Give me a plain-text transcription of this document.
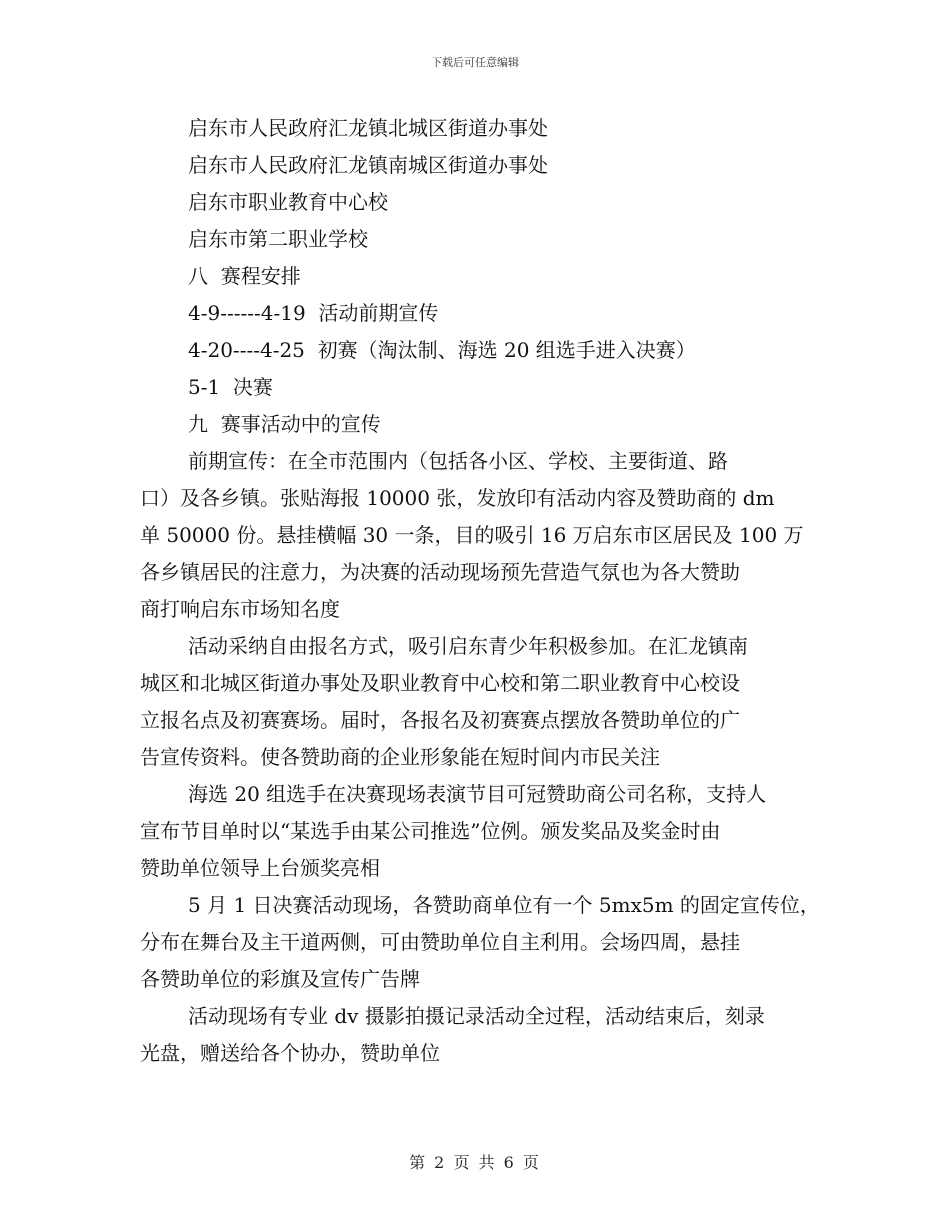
下载后可任意编辑
启东市人民政府汇龙镇北城区街道办事处
启东市人民政府汇龙镇南城区街道办事处
启东市职业教育中心校
启东市第二职业学校
八  赛程安排
4-9------4-19  活动前期宣传
4-20----4-25  初赛（淘汰制、海选 20 组选手进入决赛）
5-1  决赛
九  赛事活动中的宣传
前期宣传：在全市范围内（包括各小区、学校、主要街道、路
口）及各乡镇。张贴海报 10000 张，发放印有活动内容及赞助商的 dm
单 50000 份。悬挂横幅 30 一条，目的吸引 16 万启东市区居民及 100 万
各乡镇居民的注意力，为决赛的活动现场预先营造气氛也为各大赞助
商打响启东市场知名度
活动采纳自由报名方式，吸引启东青少年积极参加。在汇龙镇南
城区和北城区街道办事处及职业教育中心校和第二职业教育中心校设
立报名点及初赛赛场。届时，各报名及初赛赛点摆放各赞助单位的广
告宣传资料。使各赞助商的企业形象能在短时间内市民关注
海选 20 组选手在决赛现场表演节目可冠赞助商公司名称，支持人
宣布节目单时以“某选手由某公司推选”位例。颁发奖品及奖金时由
赞助单位领导上台颁奖亮相
5 月 1 日决赛活动现场，各赞助商单位有一个 5mx5m 的固定宣传位，
分布在舞台及主干道两侧，可由赞助单位自主利用。会场四周，悬挂
各赞助单位的彩旗及宣传广告牌
活动现场有专业 dv 摄影拍摄记录活动全过程，活动结束后，刻录
光盘，赠送给各个协办，赞助单位
第 2 页 共 6 页
